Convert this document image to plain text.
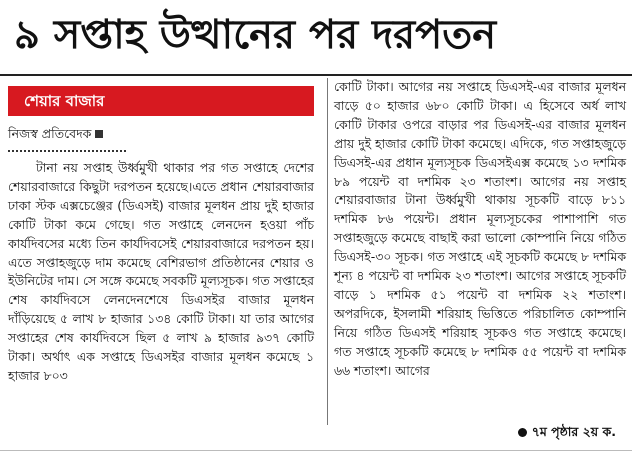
৯ সপ্তাহ উত্থানের পর দরপতন
শেয়ার বাজার
নিজস্ব প্রতিবেদক
টানা নয় সপ্তাহ উর্ধ্বমুখী থাকার পর গত সপ্তাহে দেশের শেয়ারবাজারে কিছুটা দরপতন হয়েছে।এতে প্রধান শেয়ারবাজার ঢাকা স্টক এক্সচেঞ্জের (ডিএসই) বাজার মূলধন প্রায় দুই হাজার কোটি টাকা কমে গেছে। গত সপ্তাহে লেনদেন হওয়া পাঁচ কার্যদিবসের মধ্যে তিন কার্যদিবসেই শেয়ারবাজারে দরপতন হয়। এতে সপ্তাহজুড়ে দাম কমেছে বেশিরভাগ প্রতিষ্ঠানের শেয়ার ও ইউনিটের দাম। সে সঙ্গে কমেছে সবকটি মূল্যসূচক। গত সপ্তাহের শেষ কার্যদিবসে লেনদেনশেষে ডিএসইর বাজার মূলধন দাঁড়িয়েছে ৫ লাখ ৮ হাজার ১৩৪ কোটি টাকা। যা তার আগের সপ্তাহের শেষ কার্যদিবসে ছিল ৫ লাখ ৯ হাজার ৯৩৭ কোটি টাকা। অর্থাৎ এক সপ্তাহে ডিএসইর বাজার মূলধন কমেছে ১ হাজার ৮০৩
কোটি টাকা। আগের নয় সপ্তাহে ডিএসই-এর বাজার মূলধন বাড়ে ৫০ হাজার ৬৮০ কোটি টাকা। এ হিসেবে অর্ধ লাখ কোটি টাকার ওপরে বাড়ার পর ডিএসই-এর বাজার মূলধন প্রায় দুই হাজার কোটি টাকা কমেছে। এদিকে, গত সপ্তাহজুড়ে ডিএসই-এর প্রধান মূল্যসূচক ডিএসইএক্স কমেছে ১৩ দশমিক ৮৯ পয়েন্ট বা দশমিক ২৩ শতাংশ। আগের নয় সপ্তাহ শেয়ারবাজার টানা উর্ধ্বমুখী থাকায় সূচকটি বাড়ে ৮১১ দশমিক ৮৬ পয়েন্ট। প্রধান মূল্যসূচকের পাশাপাশি গত সপ্তাহজুড়ে কমেছে বাছাই করা ভালো কোম্পানি নিয়ে গঠিত ডিএসই-৩০ সূচক। গত সপ্তাহে এই সূচকটি কমেছে ৮ দশমিক শূন্য ৪ পয়েন্ট বা দশমিক ২৩ শতাংশ। আগের সপ্তাহে সূচকটি বাড়ে ১ দশমিক ৫১ পয়েন্ট বা দশমিক ২২ শতাংশ। অপরদিকে, ইসলামী শরিয়াহ ভিত্তিতে পরিচালিত কোম্পানি নিয়ে গঠিত ডিএসই শরিয়াহ সূচকও গত সপ্তাহে কমেছে। গত সপ্তাহে সূচকটি কমেছে ৮ দশমিক ৫৫ পয়েন্ট বা দশমিক ৬৬ শতাংশ। আগের
৭ম পৃষ্ঠার ২য় ক.
